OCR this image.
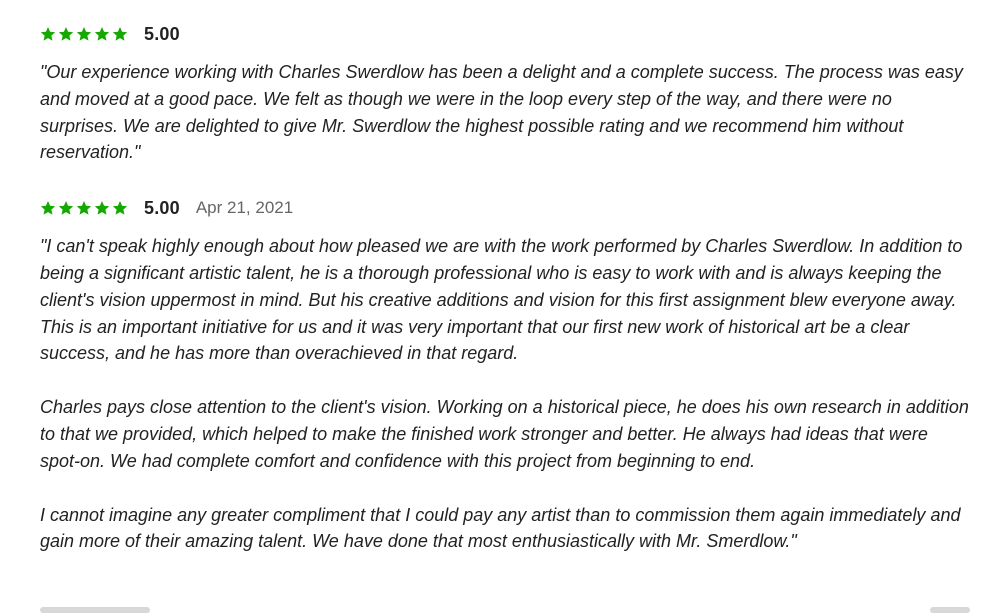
5.00

"Our experience working with Charles Swerdlow has been a delight and a complete success. The process was easy and moved at a good pace. We felt as though we were in the loop every step of the way, and there were no surprises. We are delighted to give Mr. Swerdlow the highest possible rating and we recommend him without reservation."

5.00 Apr 21, 2021

"I can't speak highly enough about how pleased we are with the work performed by Charles Swerdlow. In addition to being a significant artistic talent, he is a thorough professional who is easy to work with and is always keeping the client's vision uppermost in mind. But his creative additions and vision for this first assignment blew everyone away. This is an important initiative for us and it was very important that our first new work of historical art be a clear success, and he has more than overachieved in that regard.

Charles pays close attention to the client's vision. Working on a historical piece, he does his own research in addition to that we provided, which helped to make the finished work stronger and better. He always had ideas that were spot-on. We had complete comfort and confidence with this project from beginning to end.

I cannot imagine any greater compliment that I could pay any artist than to commission them again immediately and gain more of their amazing talent. We have done that most enthusiastically with Mr. Smerdlow."
